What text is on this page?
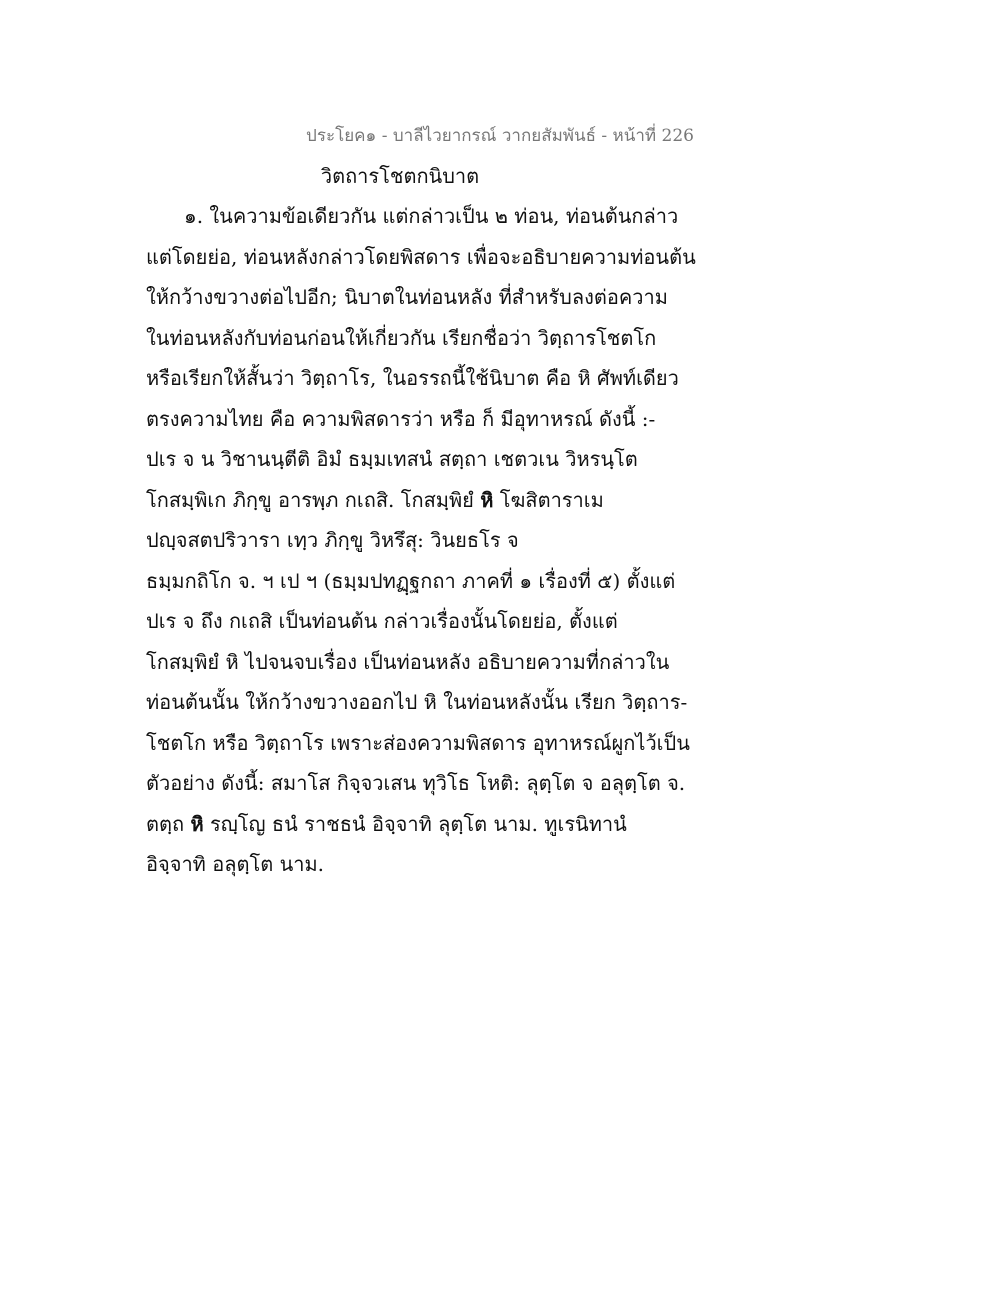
ประโยค๑ - บาลีไวยากรณ์ วากยสัมพันธ์ - หน้าที่ 226
วิตถารโชตกนิบาต
๑. ในความข้อเดียวกัน แต่กล่าวเป็น ๒ ท่อน, ท่อนต้นกล่าว
แต่โดยย่อ, ท่อนหลังกล่าวโดยพิสดาร เพื่อจะอธิบายความท่อนต้น
ให้กว้างขวางต่อไปอีก; นิบาตในท่อนหลัง ที่สำหรับลงต่อความ
ในท่อนหลังกับท่อนก่อนให้เกี่ยวกัน เรียกชื่อว่า วิตฺถารโชตโก
หรือเรียกให้สั้นว่า วิตฺถาโร, ในอรรถนี้ใช้นิบาต คือ หิ ศัพท์เดียว
ตรงความไทย คือ ความพิสดารว่า หรือ ก็ มีอุทาหรณ์ ดังนี้ :-
ปเร จ น วิชานนฺตีติ อิมํ ธมฺมเทสนํ สตฺถา เชตวเน วิหรนฺโต
โกสมฺพิเก ภิกฺขู อารพฺภ กเถสิ. โกสมฺพิยํ หิ โฆสิตาราเม
ปญฺจสตปริวารา เทฺว ภิกฺขู วิหรึสุ: วินยธโร จ
ธมฺมกถิโก จ. ฯ เป ฯ (ธมฺมปทฏฺฐกถา ภาคที่ ๑ เรื่องที่ ๕) ตั้งแต่
ปเร จ ถึง กเถสิ เป็นท่อนต้น กล่าวเรื่องนั้นโดยย่อ, ตั้งแต่
โกสมฺพิยํ หิ ไปจนจบเรื่อง เป็นท่อนหลัง อธิบายความที่กล่าวใน
ท่อนต้นนั้น ให้กว้างขวางออกไป หิ ในท่อนหลังนั้น เรียก วิตฺถาร-
โชตโก หรือ วิตฺถาโร เพราะส่องความพิสดาร อุทาหรณ์ผูกไว้เป็น
ตัวอย่าง ดังนี้: สมาโส กิจฺจวเสน ทุวิโธ โหติ: ลุตฺโต จ อลุตฺโต จ.
ตตฺถ หิ รญฺโญ ธนํ ราชธนํ อิจฺจาทิ ลุตฺโต นาม. ทูเรนิทานํ
อิจฺจาทิ อลุตฺโต นาม.
